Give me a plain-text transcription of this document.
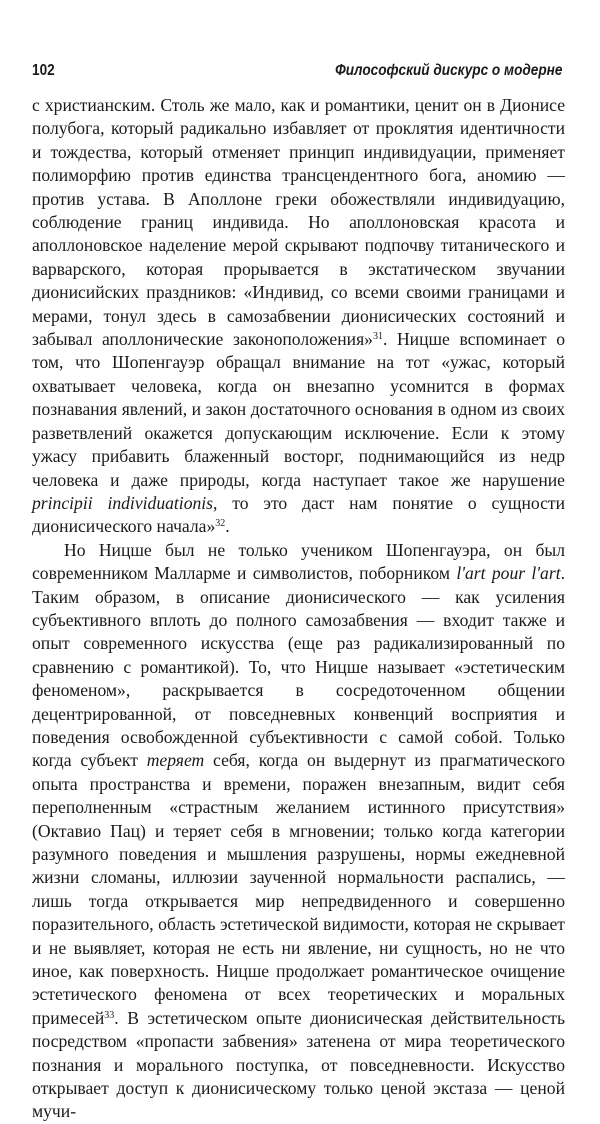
102	Философский дискурс о модерне

с христианским. Столь же мало, как и романтики, ценит он в Дионисе полубога, который радикально избавляет от проклятия идентичности и тождества, который отменяет принцип индивидуации, применяет полиморфию против единства трансцендентного бога, аномию — против устава. В Аполлоне греки обожествляли индивидуацию, соблюдение границ индивида. Но аполлоновская красота и аполлоновское наделение мерой скрывают подпочву титанического и варварского, которая прорывается в экстатическом звучании дионисийских праздников: «Индивид, со всеми своими границами и мерами, тонул здесь в самозабвении дионисических состояний и забывал аполлонические законоположения»$^{31}$. Ницше вспоминает о том, что Шопенгауэр обращал внимание на тот «ужас, который охватывает человека, когда он внезапно усомнится в формах познавания явлений, и закон достаточного основания в одном из своих разветвлений окажется допускающим исключение. Если к этому ужасу прибавить блаженный восторг, поднимающийся из недр человека и даже природы, когда наступает такое же нарушение principii individuationis, то это даст нам понятие о сущности дионисического начала»$^{32}$.

Но Ницше был не только учеником Шопенгауэра, он был современником Малларме и символистов, поборником l'art pour l'art. Таким образом, в описание дионисического — как усиления субъективного вплоть до полного самозабвения — входит также и опыт современного искусства (еще раз радикализированный по сравнению с романтикой). То, что Ницше называет «эстетическим феноменом», раскрывается в сосредоточенном общении децентрированной, от повседневных конвенций восприятия и поведения освобожденной субъективности с самой собой. Только когда субъект теряет себя, когда он выдернут из прагматического опыта пространства и времени, поражен внезапным, видит себя переполненным «страстным желанием истинного присутствия» (Октавио Пац) и теряет себя в мгновении; только когда категории разумного поведения и мышления разрушены, нормы ежедневной жизни сломаны, иллюзии заученной нормальности распались, — лишь тогда открывается мир непредвиденного и совершенно поразительного, область эстетической видимости, которая не скрывает и не выявляет, которая не есть ни явление, ни сущность, но не что иное, как поверхность. Ницше продолжает романтическое очищение эстетического феномена от всех теоретических и моральных примесей$^{33}$. В эстетическом опыте дионисическая действительность посредством «пропасти забвения» затенена от мира теоретического познания и морального поступка, от повседневности. Искусство открывает доступ к дионисическому только ценой экстаза — ценой мучи-
